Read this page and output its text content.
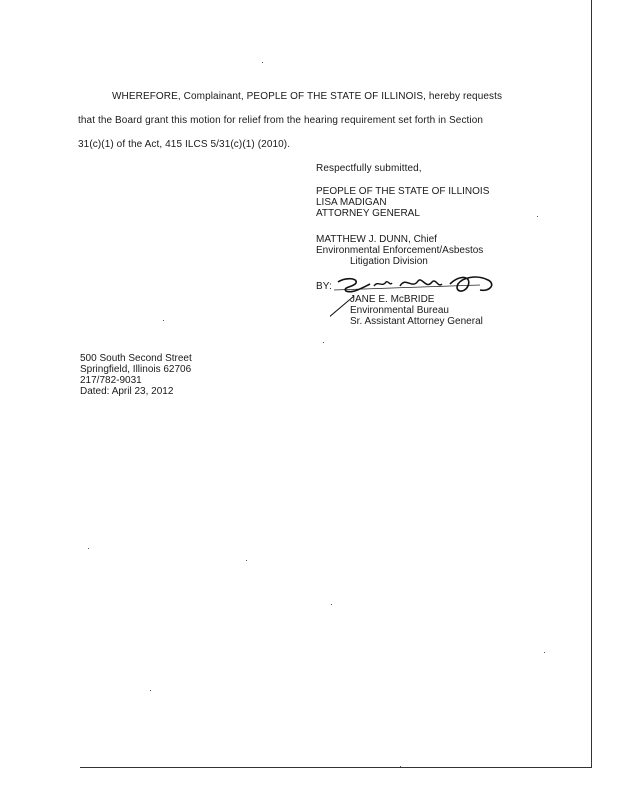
WHEREFORE, Complainant, PEOPLE OF THE STATE OF ILLINOIS, hereby requests
that the Board grant this motion for relief from the hearing requirement set forth in Section
31(c)(1) of the Act, 415 ILCS 5/31(c)(1) (2010).
Respectfully submitted,
PEOPLE OF THE STATE OF ILLINOIS
LISA MADIGAN
ATTORNEY GENERAL
MATTHEW J. DUNN, Chief
Environmental Enforcement/Asbestos
Litigation Division
BY:
JANE E. McBRIDE
Environmental Bureau
Sr. Assistant Attorney General
500 South Second Street
Springfield, Illinois 62706
217/782-9031
Dated: April 23, 2012
